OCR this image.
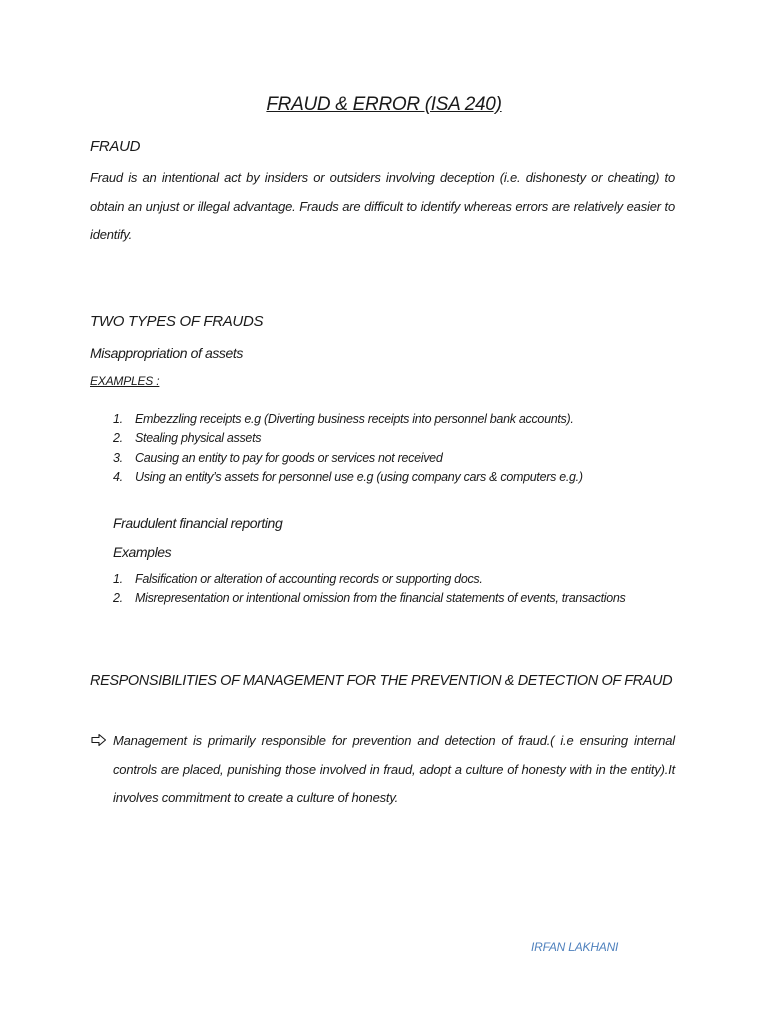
FRAUD & ERROR (ISA 240)
FRAUD
Fraud is an intentional act by insiders or outsiders involving deception (i.e. dishonesty or cheating) to obtain an unjust or illegal advantage. Frauds are difficult to identify whereas errors are relatively easier to identify.
TWO TYPES OF FRAUDS
Misappropriation of assets
EXAMPLES :
1. Embezzling receipts e.g (Diverting business receipts into personnel bank accounts).
2. Stealing physical assets
3. Causing an entity to pay for goods or services not received
4. Using an entity’s assets for personnel use e.g (using company cars & computers e.g.)
Fraudulent financial reporting
Examples
1. Falsification or alteration of accounting records or supporting docs.
2. Misrepresentation or intentional omission from the financial statements of events, transactions
RESPONSIBILITIES OF MANAGEMENT FOR THE PREVENTION & DETECTION OF FRAUD
Management is primarily responsible for prevention and detection of fraud.( i.e ensuring internal controls are placed, punishing those involved in fraud, adopt a culture of honesty with in the entity).It involves commitment to create a culture of honesty.
IRFAN LAKHANI
